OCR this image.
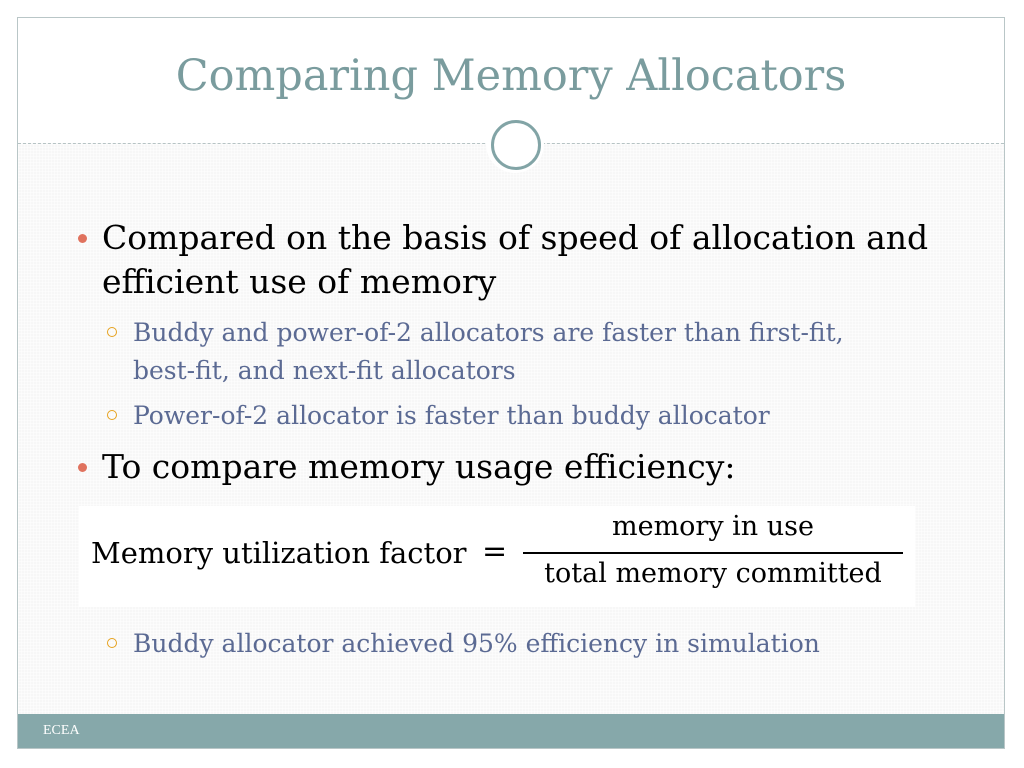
Comparing Memory Allocators
Compared on the basis of speed of allocation and
efficient use of memory
Buddy and power-of-2 allocators are faster than first-fit,
best-fit, and next-fit allocators
Power-of-2 allocator is faster than buddy allocator
To compare memory usage efficiency:
Memory utilization factor =
memory in use
total memory committed
Buddy allocator achieved 95% efficiency in simulation
ECEA
